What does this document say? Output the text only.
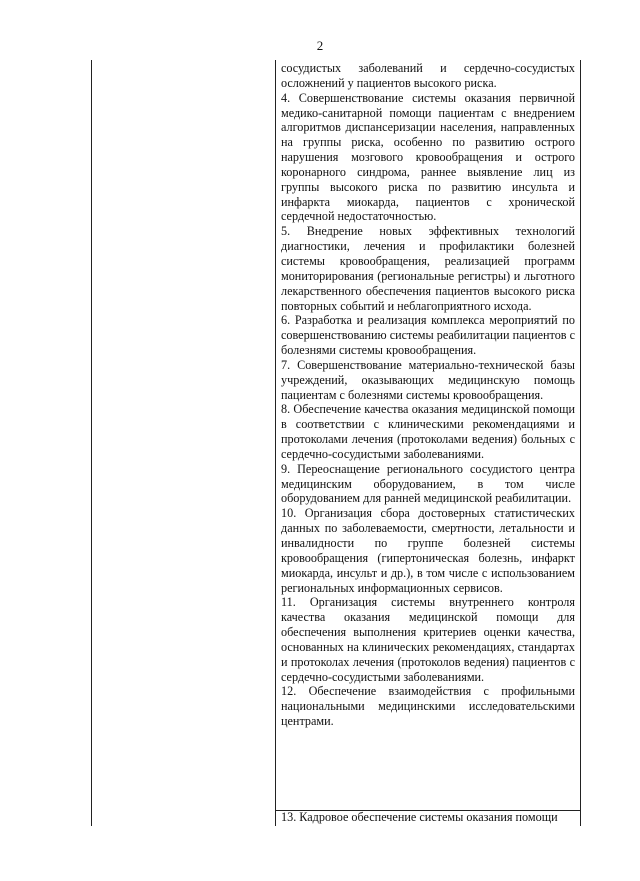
2

сосудистых заболеваний и сердечно-сосудистых осложнений у пациентов высокого риска.

4. Совершенствование системы оказания первичной медико-санитарной помощи пациентам с внедрением алгоритмов диспансеризации населения, направленных на группы риска, особенно по развитию острого нарушения мозгового кровообращения и острого коронарного синдрома, раннее выявление лиц из группы высокого риска по развитию инсульта и инфаркта миокарда, пациентов с хронической сердечной недостаточностью.

5. Внедрение новых эффективных технологий диагностики, лечения и профилактики болезней системы кровообращения, реализацией программ мониторирования (региональные регистры) и льготного лекарственного обеспечения пациентов высокого риска повторных событий и неблагоприятного исхода.

6. Разработка и реализация комплекса мероприятий по совершенствованию системы реабилитации пациентов с болезнями системы кровообращения.

7. Совершенствование материально-технической базы учреждений, оказывающих медицинскую помощь пациентам с болезнями системы кровообращения.

8. Обеспечение качества оказания медицинской помощи в соответствии с клиническими рекомендациями и протоколами лечения (протоколами ведения) больных с сердечно-сосудистыми заболеваниями.

9. Переоснащение регионального сосудистого центра медицинским оборудованием, в том числе оборудованием для ранней медицинской реабилитации.

10. Организация сбора достоверных статистических данных по заболеваемости, смертности, летальности и инвалидности по группе болезней системы кровообращения (гипертоническая болезнь, инфаркт миокарда, инсульт и др.), в том числе с использованием региональных информационных сервисов.

11. Организация системы внутреннего контроля качества оказания медицинской помощи для обеспечения выполнения критериев оценки качества, основанных на клинических рекомендациях, стандартах и протоколах лечения (протоколов ведения) пациентов с сердечно-сосудистыми заболеваниями.

12. Обеспечение взаимодействия с профильными национальными медицинскими исследовательскими центрами.

13. Кадровое обеспечение системы оказания помощи
